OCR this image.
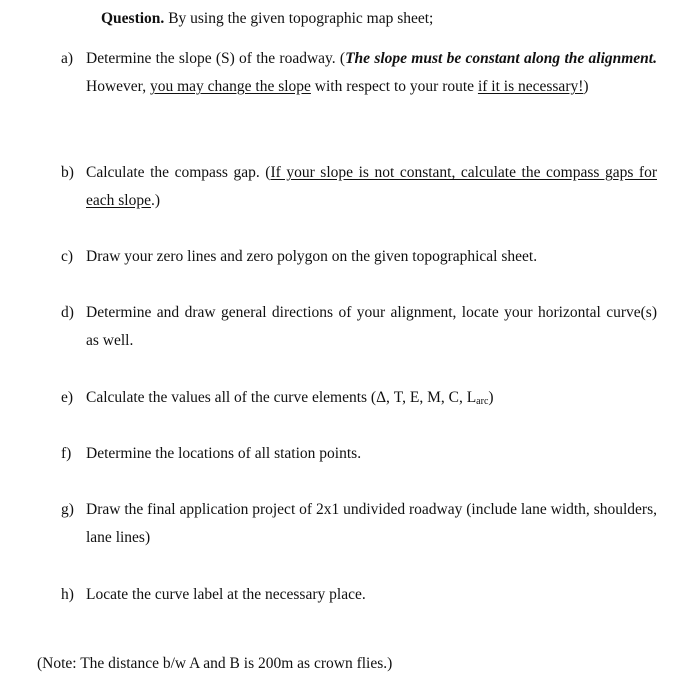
Question. By using the given topographic map sheet;
a) Determine the slope (S) of the roadway. (The slope must be constant along the alignment. However, you may change the slope with respect to your route if it is necessary!)
b) Calculate the compass gap. (If your slope is not constant, calculate the compass gaps for each slope.)
c) Draw your zero lines and zero polygon on the given topographical sheet.
d) Determine and draw general directions of your alignment, locate your horizontal curve(s) as well.
e) Calculate the values all of the curve elements (Δ, T, E, M, C, $L_{arc}$)
f) Determine the locations of all station points.
g) Draw the final application project of 2x1 undivided roadway (include lane width, shoulders, lane lines)
h) Locate the curve label at the necessary place.
(Note: The distance b/w A and B is 200m as crown flies.)
